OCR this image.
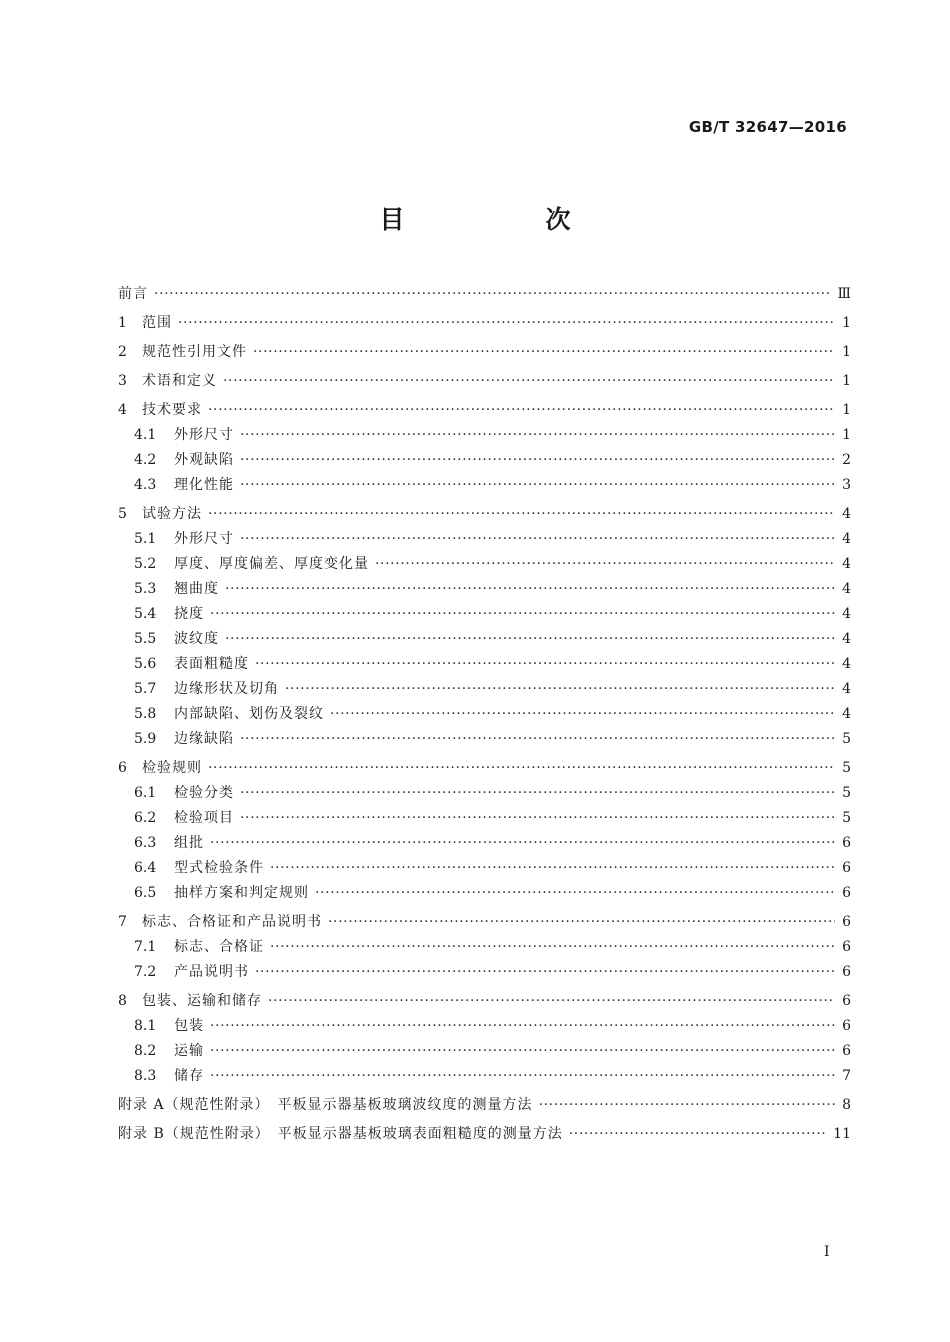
GB/T 32647—2016
目　次
前言 ·····	Ⅲ
1	范围 ·····	1
2	规范性引用文件 ·····	1
3	术语和定义 ·····	1
4	技术要求 ·····	1
4.1	外形尺寸 ·····	1
4.2	外观缺陷 ·····	2
4.3	理化性能 ·····	3
5	试验方法 ·····	4
5.1	外形尺寸 ·····	4
5.2	厚度、厚度偏差、厚度变化量 ·····	4
5.3	翘曲度 ·····	4
5.4	挠度 ·····	4
5.5	波纹度 ·····	4
5.6	表面粗糙度 ·····	4
5.7	边缘形状及切角 ·····	4
5.8	内部缺陷、划伤及裂纹 ·····	4
5.9	边缘缺陷 ·····	5
6	检验规则 ·····	5
6.1	检验分类 ·····	5
6.2	检验项目 ·····	5
6.3	组批 ·····	6
6.4	型式检验条件 ·····	6
6.5	抽样方案和判定规则 ·····	6
7	标志、合格证和产品说明书 ·····	6
7.1	标志、合格证 ·····	6
7.2	产品说明书 ·····	6
8	包装、运输和储存 ·····	6
8.1	包装 ·····	6
8.2	运输 ·····	6
8.3	储存 ·····	7
附录 A（规范性附录）　平板显示器基板玻璃波纹度的测量方法 ·····	8
附录 B（规范性附录）　平板显示器基板玻璃表面粗糙度的测量方法 ·····	11
I
